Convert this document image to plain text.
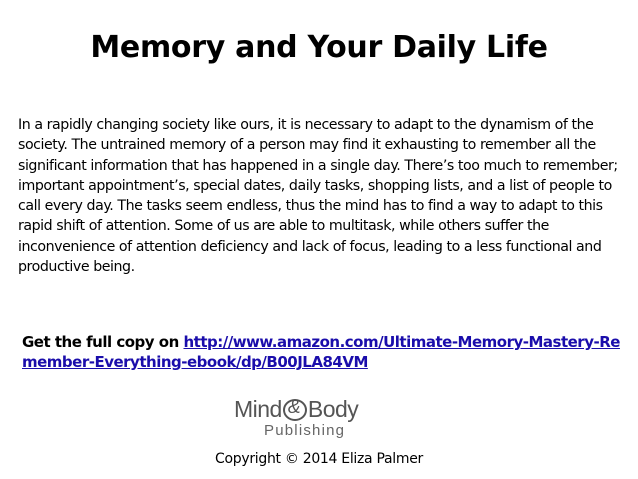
Memory and Your Daily Life
In a rapidly changing society like ours, it is necessary to adapt to the dynamism of the society. The untrained memory of a person may find it exhausting to remember all the significant information that has happened in a single day. There’s too much to remember; important appointment’s, special dates, daily tasks, shopping lists, and a list of people to call every day. The tasks seem endless, thus the mind has to find a way to adapt to this rapid shift of attention. Some of us are able to multitask, while others suffer the inconvenience of attention deficiency and lack of focus, leading to a less functional and productive being.
Get the full copy on http://www.amazon.com/Ultimate-Memory-Mastery-Remember-Everything-ebook/dp/B00JLA84VM
Mind& Body
Publishing
Copyright © 2014 Eliza Palmer
